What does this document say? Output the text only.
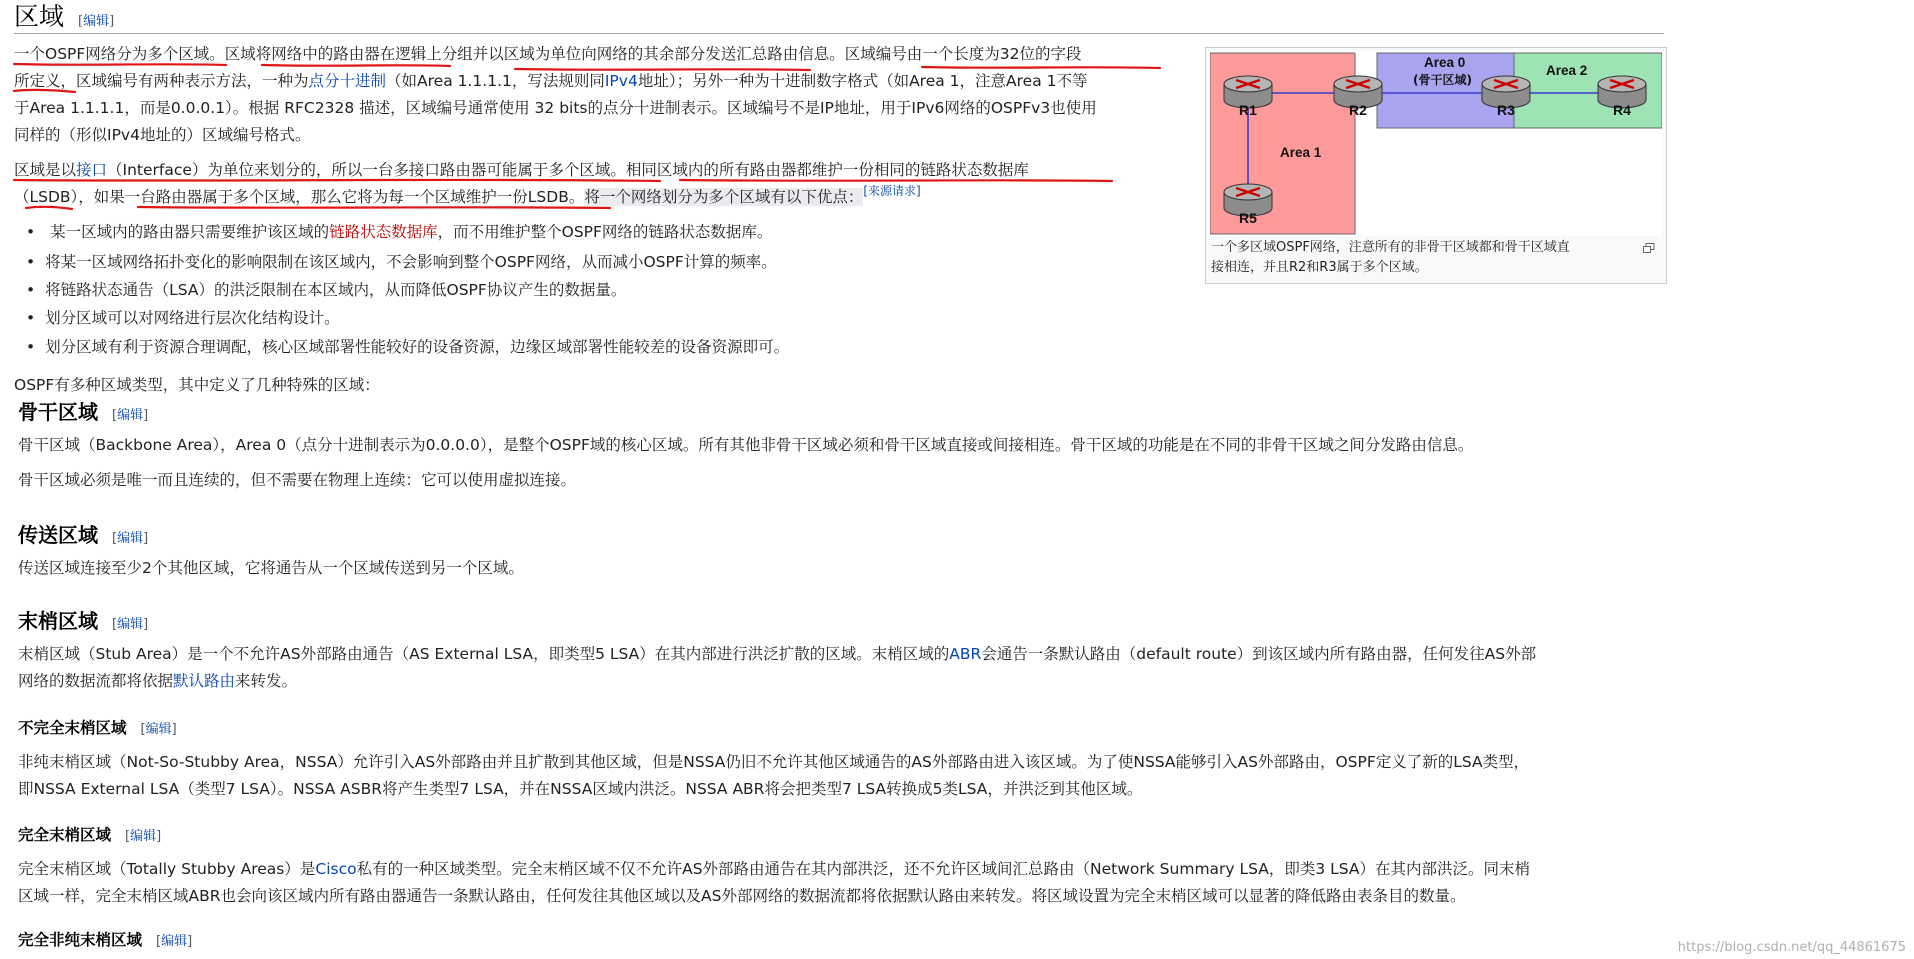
区域 [编辑]
一个OSPF网络分为多个区域。区域将网络中的路由器在逻辑上分组并以区域为单位向网络的其余部分发送汇总路由信息。区域编号由一个长度为32位的字段
所定义，区域编号有两种表示方法，一种为点分十进制（如Area 1.1.1.1，写法规则同IPv4地址）；另外一种为十进制数字格式（如Area 1，注意Area 1不等
于Area 1.1.1.1，而是0.0.0.1）。根据 RFC2328 描述，区域编号通常使用 32 bits的点分十进制表示。区域编号不是IP地址，用于IPv6网络的OSPFv3也使用
同样的（形似IPv4地址的）区域编号格式。
区域是以接口（Interface）为单位来划分的，所以一台多接口路由器可能属于多个区域。相同区域内的所有路由器都维护一份相同的链路状态数据库
（LSDB），如果一台路由器属于多个区域，那么它将为每一个区域维护一份LSDB。将一个网络划分为多个区域有以下优点：[来源请求]
• 某一区域内的路由器只需要维护该区域的链路状态数据库，而不用维护整个OSPF网络的链路状态数据库。
• 将某一区域网络拓扑变化的影响限制在该区域内，不会影响到整个OSPF网络，从而减小OSPF计算的频率。
• 将链路状态通告（LSA）的洪泛限制在本区域内，从而降低OSPF协议产生的数据量。
• 划分区域可以对网络进行层次化结构设计。
• 划分区域有利于资源合理调配，核心区域部署性能较好的设备资源，边缘区域部署性能较差的设备资源即可。
OSPF有多种区域类型，其中定义了几种特殊的区域：
骨干区域 [编辑]
骨干区域（Backbone Area），Area 0（点分十进制表示为0.0.0.0），是整个OSPF域的核心区域。所有其他非骨干区域必须和骨干区域直接或间接相连。骨干区域的功能是在不同的非骨干区域之间分发路由信息。
骨干区域必须是唯一而且连续的，但不需要在物理上连续：它可以使用虚拟连接。
传送区域 [编辑]
传送区域连接至少2个其他区域，它将通告从一个区域传送到另一个区域。
末梢区域 [编辑]
末梢区域（Stub Area）是一个不允许AS外部路由通告（AS External LSA，即类型5 LSA）在其内部进行洪泛扩散的区域。末梢区域的ABR会通告一条默认路由（default route）到该区域内所有路由器，任何发往AS外部
网络的数据流都将依据默认路由来转发。
不完全末梢区域 [编辑]
非纯末梢区域（Not-So-Stubby Area，NSSA）允许引入AS外部路由并且扩散到其他区域，但是NSSA仍旧不允许其他区域通告的AS外部路由进入该区域。为了使NSSA能够引入AS外部路由，OSPF定义了新的LSA类型，
即NSSA External LSA（类型7 LSA）。NSSA ASBR将产生类型7 LSA，并在NSSA区域内洪泛。NSSA ABR将会把类型7 LSA转换成5类LSA，并洪泛到其他区域。
完全末梢区域 [编辑]
完全末梢区域（Totally Stubby Areas）是Cisco私有的一种区域类型。完全末梢区域不仅不允许AS外部路由通告在其内部洪泛，还不允许区域间汇总路由（Network Summary LSA，即类3 LSA）在其内部洪泛。同末梢
区域一样，完全末梢区域ABR也会向该区域内所有路由器通告一条默认路由，任何发往其他区域以及AS外部网络的数据流都将依据默认路由来转发。将区域设置为完全末梢区域可以显著的降低路由表条目的数量。
完全非纯末梢区域 [编辑]
Area 0
(骨干区域)
Area 1
Area 2
R1	R2	R3	R4
R5
一个多区域OSPF网络，注意所有的非骨干区域都和骨干区域直
接相连，并且R2和R3属于多个区域。
https://blog.csdn.net/qq_44861675
